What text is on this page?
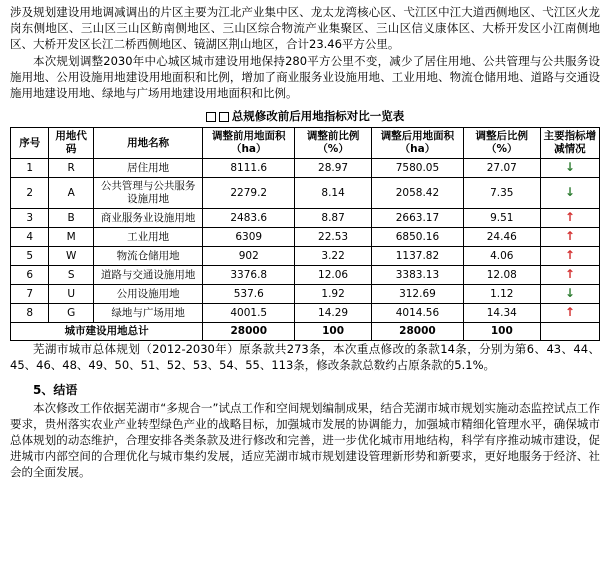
涉及规划建设用地调减调出的片区主要为江北产业集中区、龙太龙湾核心区、弋江区中江大道西侧地区、弋江区火龙岗东侧地区、三山区三山区鲂南侧地区、三山区综合物流产业集聚区、三山区信义康体区、大桥开发区小江南侧地区、大桥开发区长江二桥西侧地区、镜湖区荆山地区，合计23.46平方公里。

本次规划调整2030年中心城区城市建设用地保持280平方公里不变，减少了居住用地、公共管理与公共服务设施用地、公用设施用地建设用地面积和比例，增加了商业服务业设施用地、工业用地、物流仓储用地、道路与交通设施用地建设用地、绿地与广场用地建设用地面积和比例。

总规修改前后用地指标对比一览表
序号	用地代码	用地名称	调整前用地面积（ha）	调整前比例（%）	调整后用地面积（ha）	调整后比例（%）	主要指标增减情况
1	R	居住用地	8111.6	28.97	7580.05	27.07	↓
2	A	公共管理与公共服务设施用地	2279.2	8.14	2058.42	7.35	↓
3	B	商业服务业设施用地	2483.6	8.87	2663.17	9.51	↑
4	M	工业用地	6309	22.53	6850.16	24.46	↑
5	W	物流仓储用地	902	3.22	1137.82	4.06	↑
6	S	道路与交通设施用地	3376.8	12.06	3383.13	12.08	↑
7	U	公用设施用地	537.6	1.92	312.69	1.12	↓
8	G	绿地与广场用地	4001.5	14.29	4014.56	14.34	↑
城市建设用地总计			28000	100	28000	100	

芜湖市城市总体规划（2012-2030年）原条款共273条，本次重点修改的条款14条，分别为第6、43、44、45、46、48、49、50、51、52、53、54、55、113条，修改条款总数约占原条款的5.1%。

5、结语

本次修改工作依据芜湖市“多规合一”试点工作和空间规划编制成果，结合芜湖市城市规划实施动态监控试点工作要求，贵州落实农业产业转型绿色产业的战略目标，加强城市发展的协调能力，加强城市精细化管理水平，确保城市总体规划的动态维护，合理安排各类条款及进行修改和完善，进一步优化城市用地结构，科学有序推动城市建设，促进城市内部空间的合理优化与城市集约发展，适应芜湖市城市规划建设管理新形势和新要求，更好地服务于经济、社会的全面发展。
